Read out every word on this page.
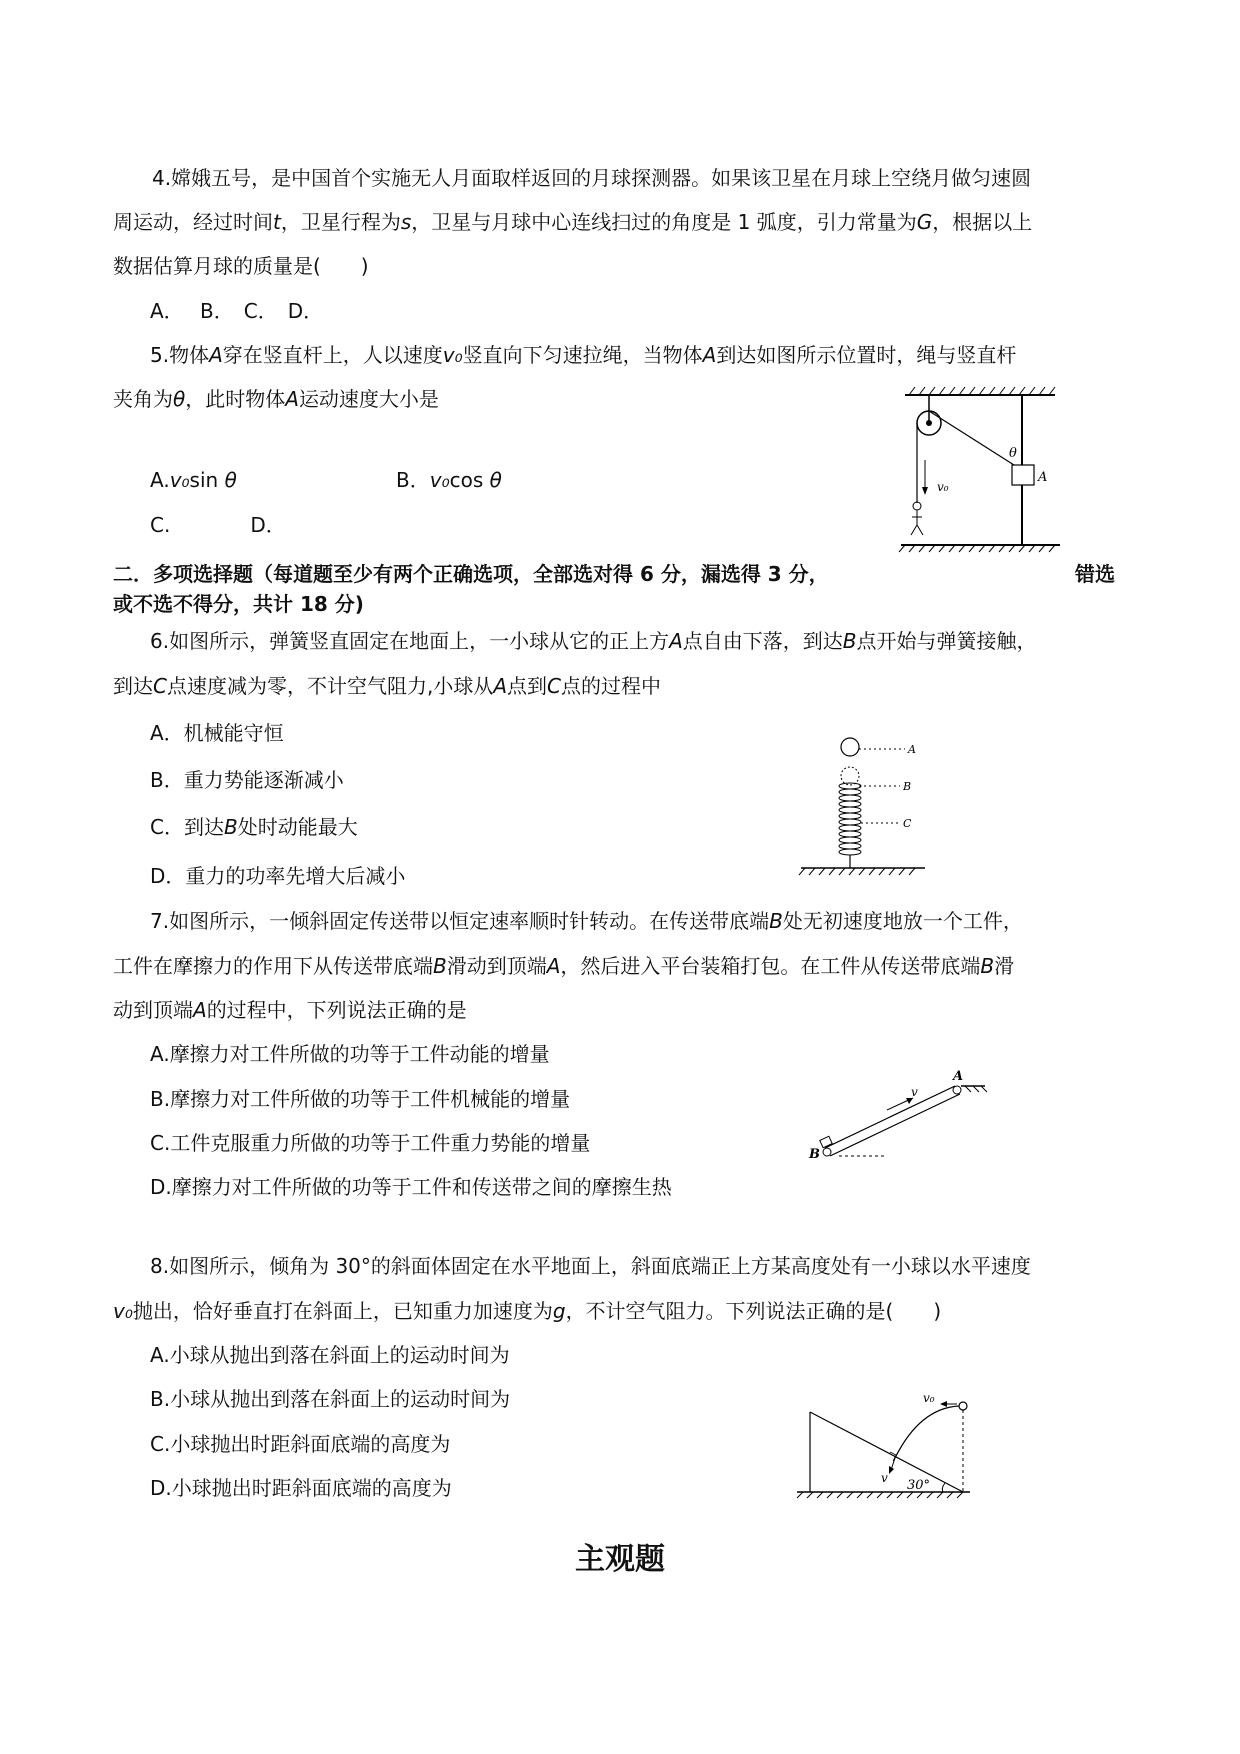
4.嫦娥五号，是中国首个实施无人月面取样返回的月球探测器。如果该卫星在月球上空绕月做匀速圆
周运动，经过时间t，卫星行程为s，卫星与月球中心连线扫过的角度是 1 弧度，引力常量为G，根据以上
数据估算月球的质量是(　　)
A．　 B．　C．　D．
5.物体A穿在竖直杆上，人以速度v₀竖直向下匀速拉绳，当物体A到达如图所示位置时，绳与竖直杆
夹角为θ，此时物体A运动速度大小是
A.v₀sin θ	B．v₀cos θ
C.　　　　D．
θ
A
v₀
二．多项选择题（每道题至少有两个正确选项，全部选对得 6 分，漏选得 3 分，	错选
或不选不得分，共计 18 分)
6.如图所示，弹簧竖直固定在地面上，一小球从它的正上方A点自由下落，到达B点开始与弹簧接触，
到达C点速度减为零，不计空气阻力,小球从A点到C点的过程中
A．机械能守恒
B．重力势能逐渐减小
C．到达B处时动能最大
D．重力的功率先增大后减小
A
B
C
7.如图所示，一倾斜固定传送带以恒定速率顺时针转动。在传送带底端B处无初速度地放一个工件，
工件在摩擦力的作用下从传送带底端B滑动到顶端A，然后进入平台装箱打包。在工件从传送带底端B滑
动到顶端A的过程中，下列说法正确的是
A.摩擦力对工件所做的功等于工件动能的增量
B.摩擦力对工件所做的功等于工件机械能的增量
C.工件克服重力所做的功等于工件重力势能的增量
D.摩擦力对工件所做的功等于工件和传送带之间的摩擦生热
B
A
v
8.如图所示，倾角为 30°的斜面体固定在水平地面上，斜面底端正上方某高度处有一小球以水平速度
v₀抛出，恰好垂直打在斜面上，已知重力加速度为g，不计空气阻力。下列说法正确的是(　　)
A.小球从抛出到落在斜面上的运动时间为
B.小球从抛出到落在斜面上的运动时间为
C.小球抛出时距斜面底端的高度为
D.小球抛出时距斜面底端的高度为
v₀
v 30°
主观题
